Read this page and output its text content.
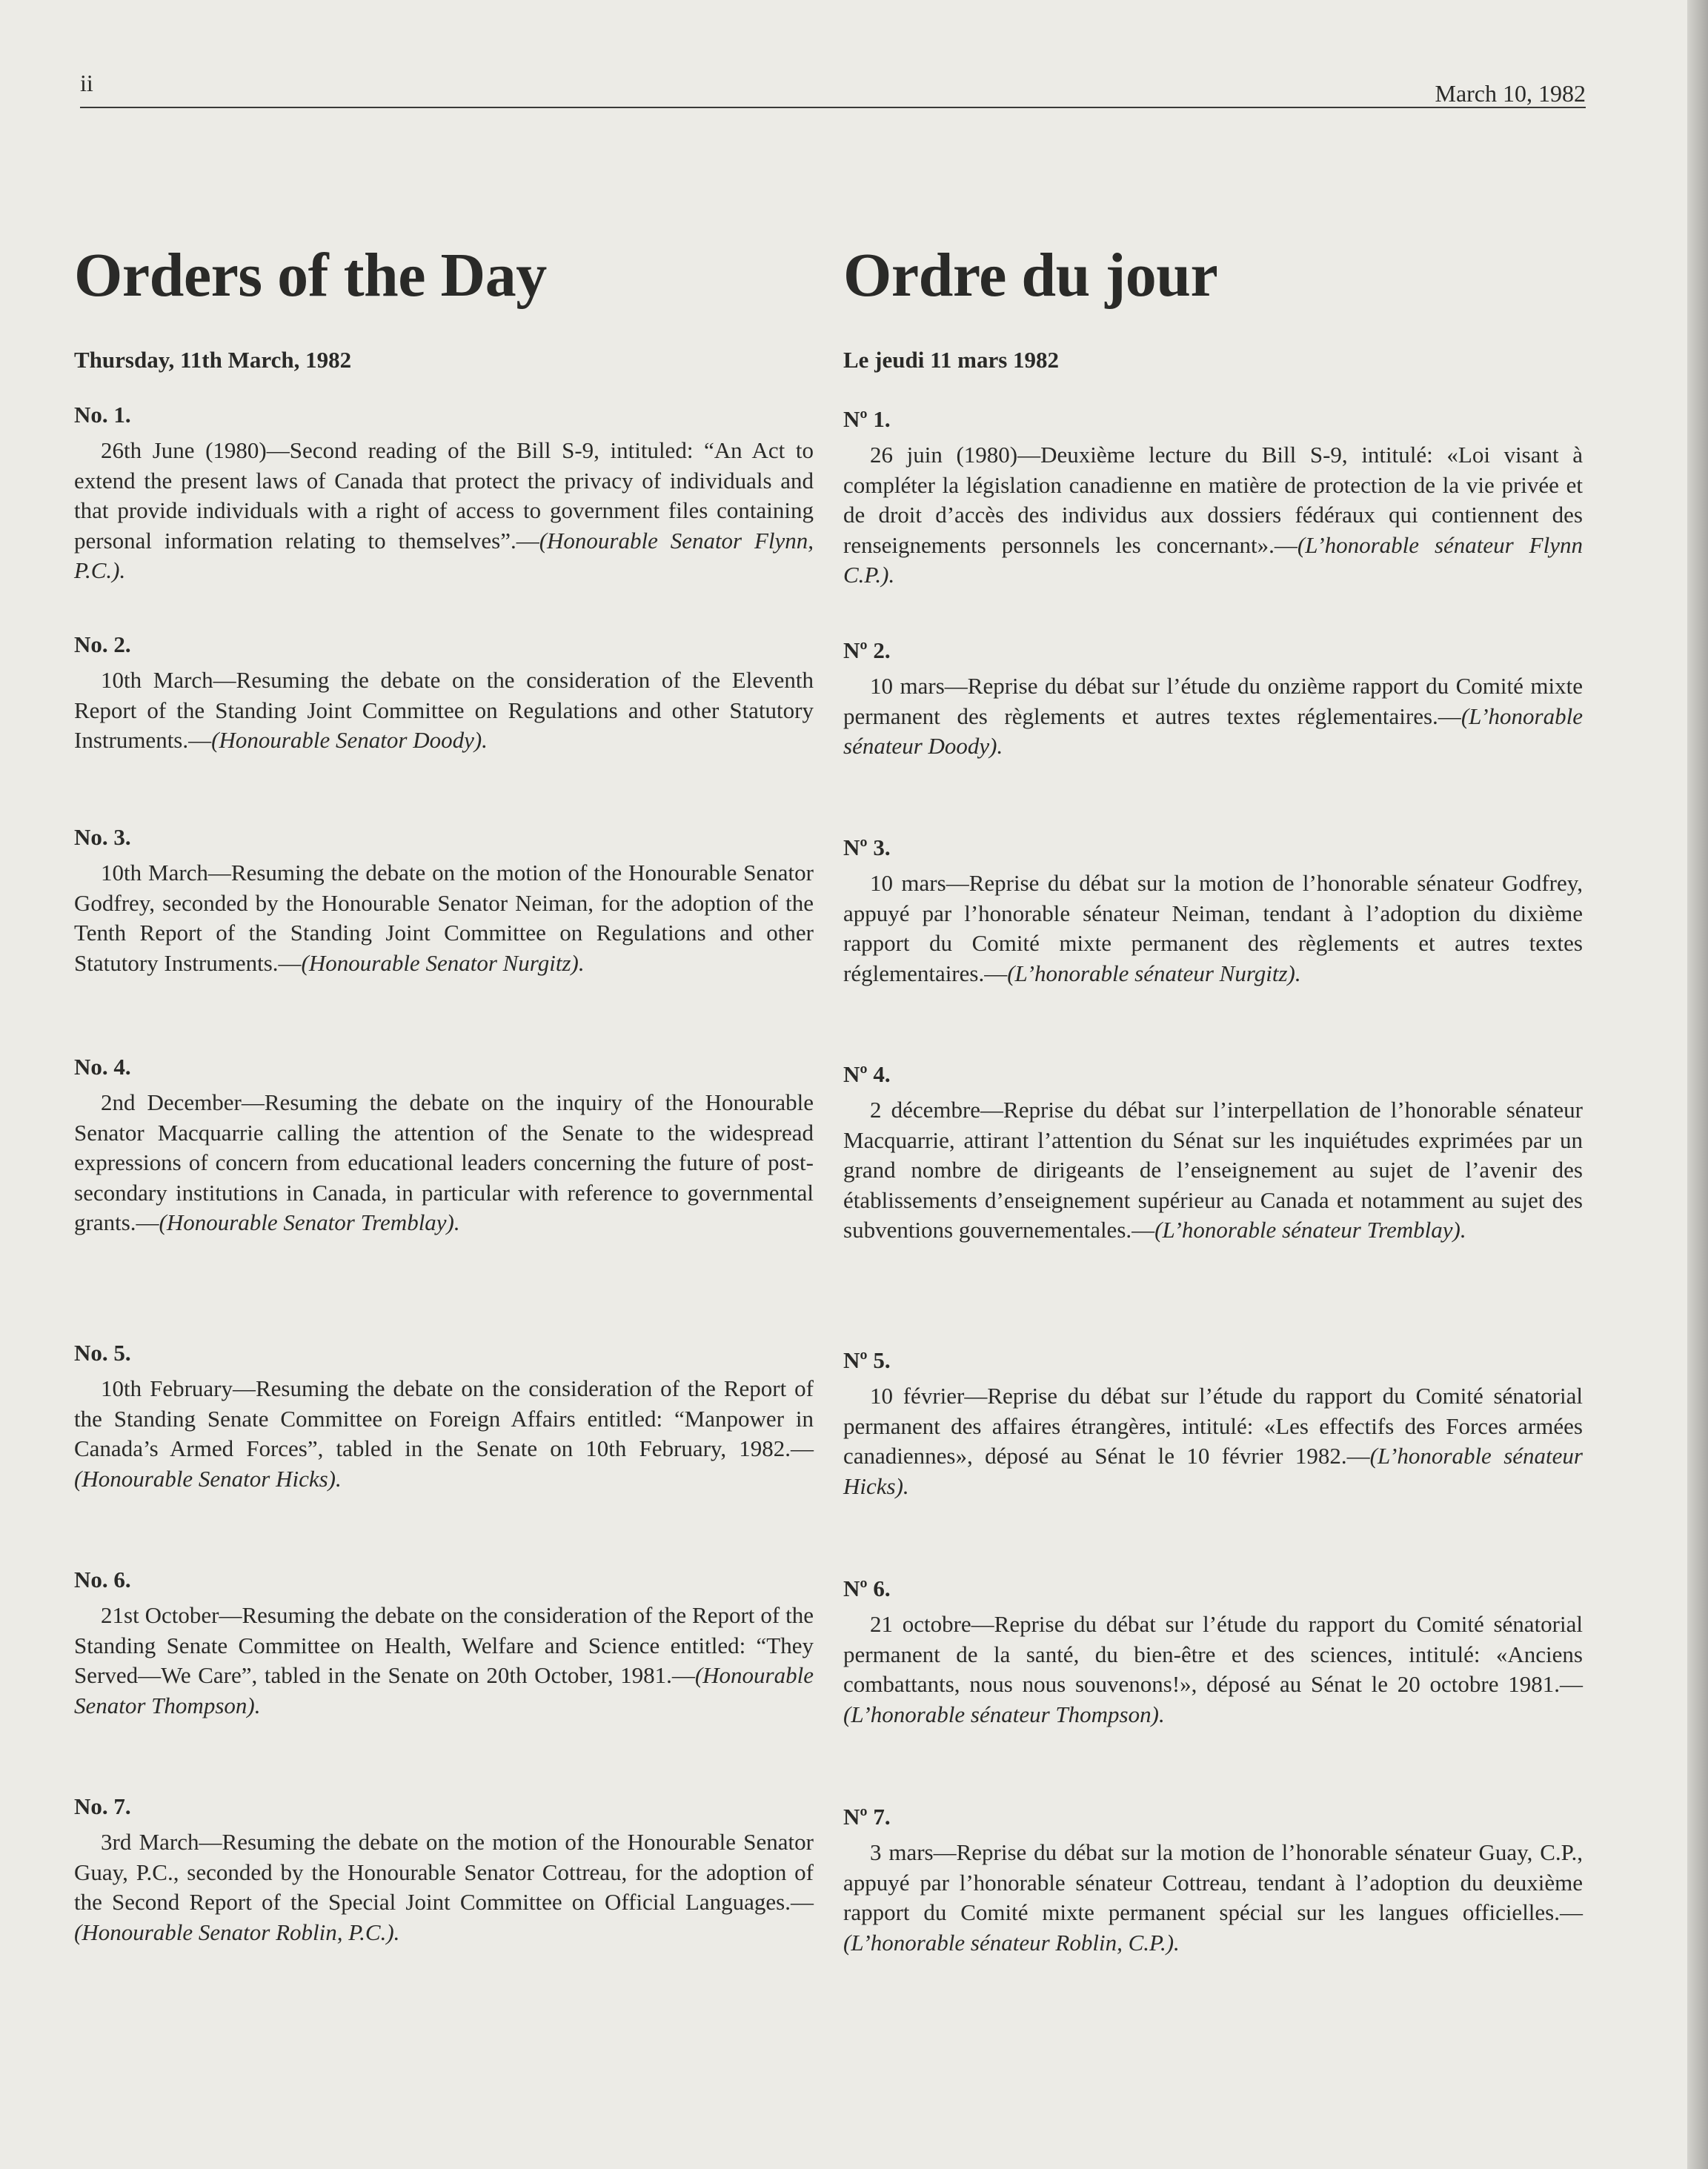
ii	March 10, 1982
Orders of the Day
Thursday, 11th March, 1982
No. 1.

26th June (1980)—Second reading of the Bill S-9, intituled: “An Act to extend the present laws of Canada that protect the privacy of individuals and that provide individuals with a right of access to government files containing personal information relating to themselves”.—(Honourable Senator Flynn, P.C.).

No. 2.

10th March—Resuming the debate on the consideration of the Eleventh Report of the Standing Joint Committee on Regulations and other Statutory Instruments.—(Honourable Senator Doody).

No. 3.

10th March—Resuming the debate on the motion of the Honourable Senator Godfrey, seconded by the Honourable Senator Neiman, for the adoption of the Tenth Report of the Standing Joint Committee on Regulations and other Statutory Instruments.—(Honourable Senator Nurgitz).

No. 4.

2nd December—Resuming the debate on the inquiry of the Honourable Senator Macquarrie calling the attention of the Senate to the widespread expressions of concern from educational leaders concerning the future of post-secondary institutions in Canada, in particular with reference to governmental grants.—(Honourable Senator Tremblay).

No. 5.

10th February—Resuming the debate on the consideration of the Report of the Standing Senate Committee on Foreign Affairs entitled: “Manpower in Canada’s Armed Forces”, tabled in the Senate on 10th February, 1982.—(Honourable Senator Hicks).

No. 6.

21st October—Resuming the debate on the consideration of the Report of the Standing Senate Committee on Health, Welfare and Science entitled: “They Served—We Care”, tabled in the Senate on 20th October, 1981.—(Honourable Senator Thompson).

No. 7.

3rd March—Resuming the debate on the motion of the Honourable Senator Guay, P.C., seconded by the Honourable Senator Cottreau, for the adoption of the Second Report of the Special Joint Committee on Official Languages.—(Honourable Senator Roblin, P.C.).

Ordre du jour
Le jeudi 11 mars 1982
Nº 1.

26 juin (1980)—Deuxième lecture du Bill S-9, intitulé: «Loi visant à compléter la législation canadienne en matière de protection de la vie privée et de droit d’accès des individus aux dossiers fédéraux qui contiennent des renseignements personnels les concernant».—(L’honorable sénateur Flynn C.P.).

Nº 2.

10 mars—Reprise du débat sur l’étude du onzième rapport du Comité mixte permanent des règlements et autres textes réglementaires.—(L’honorable sénateur Doody).

Nº 3.

10 mars—Reprise du débat sur la motion de l’honorable sénateur Godfrey, appuyé par l’honorable sénateur Neiman, tendant à l’adoption du dixième rapport du Comité mixte permanent des règlements et autres textes réglementaires.—(L’honorable sénateur Nurgitz).

Nº 4.

2 décembre—Reprise du débat sur l’interpellation de l’honorable sénateur Macquarrie, attirant l’attention du Sénat sur les inquiétudes exprimées par un grand nombre de dirigeants de l’enseignement au sujet de l’avenir des établissements d’enseignement supérieur au Canada et notamment au sujet des subventions gouvernementales.—(L’honorable sénateur Tremblay).

Nº 5.

10 février—Reprise du débat sur l’étude du rapport du Comité sénatorial permanent des affaires étrangères, intitulé: «Les effectifs des Forces armées canadiennes», déposé au Sénat le 10 février 1982.—(L’honorable sénateur Hicks).

Nº 6.

21 octobre—Reprise du débat sur l’étude du rapport du Comité sénatorial permanent de la santé, du bien-être et des sciences, intitulé: «Anciens combattants, nous nous souvenons!», déposé au Sénat le 20 octobre 1981.—(L’honorable sénateur Thompson).

Nº 7.

3 mars—Reprise du débat sur la motion de l’honorable sénateur Guay, C.P., appuyé par l’honorable sénateur Cottreau, tendant à l’adoption du deuxième rapport du Comité mixte permanent spécial sur les langues officielles.—(L’honorable sénateur Roblin, C.P.).
